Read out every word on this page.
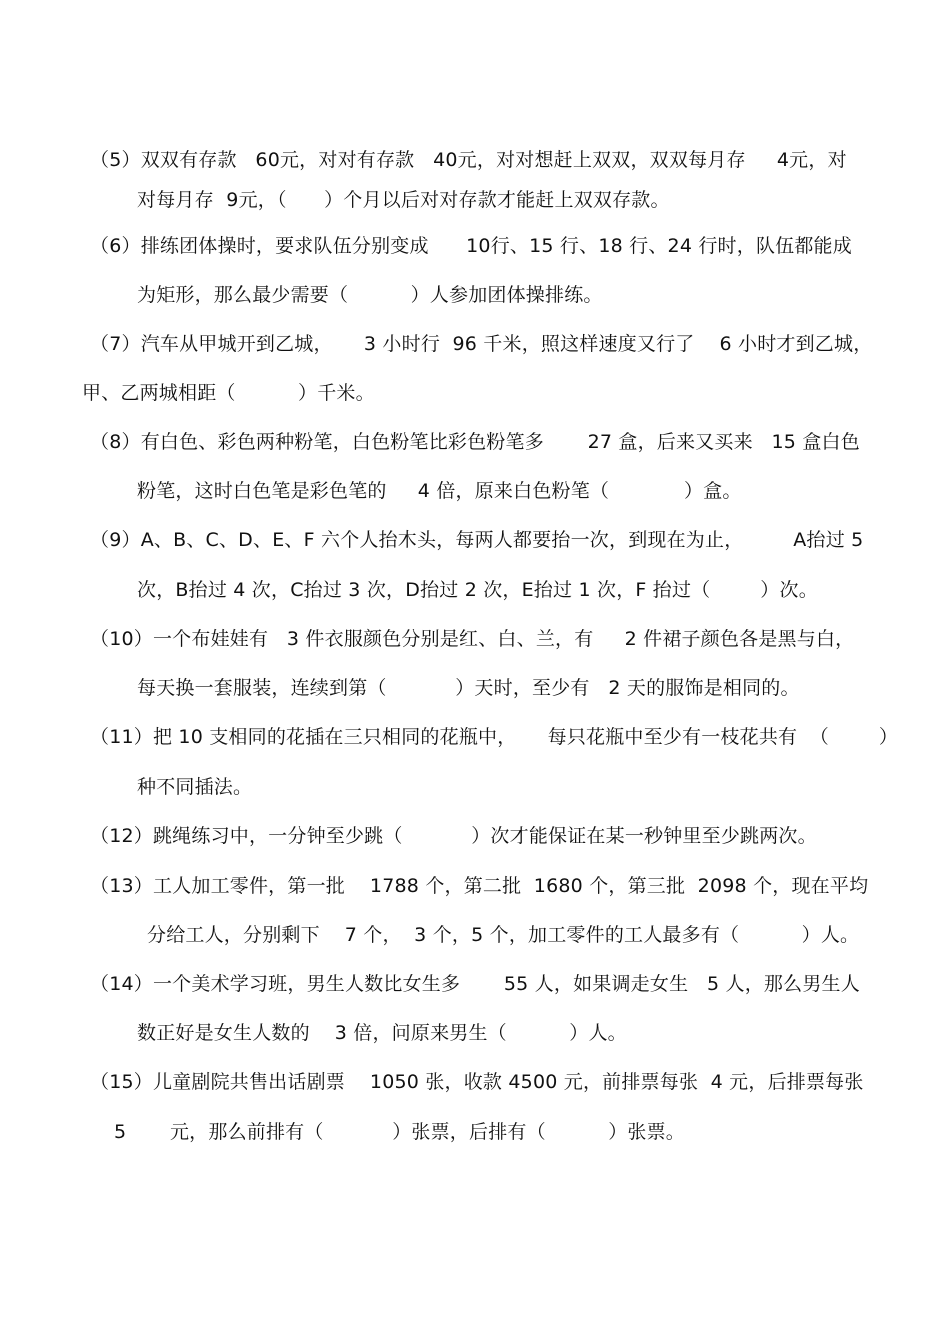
（5）双双有存款   60元，对对有存款   40元，对对想赶上双双，双双每月存     4元，对
对每月存  9元，（      ）个月以后对对存款才能赶上双双存款。
（6）排练团体操时，要求队伍分别变成      10行、15 行、18 行、24 行时，队伍都能成
为矩形，那么最少需要（          ）人参加团体操排练。
（7）汽车从甲城开到乙城，     3 小时行  96 千米，照这样速度又行了    6 小时才到乙城，
甲、乙两城相距（          ）千米。
（8）有白色、彩色两种粉笔，白色粉笔比彩色粉笔多       27 盒，后来又买来   15 盒白色
粉笔，这时白色笔是彩色笔的     4 倍，原来白色粉笔（            ）盒。
（9）A、B、C、D、E、F 六个人抬木头，每两人都要抬一次，到现在为止，        A抬过 5
次，B抬过 4 次，C抬过 3 次，D抬过 2 次，E抬过 1 次，F 抬过（        ）次。
（10）一个布娃娃有   3 件衣服颜色分别是红、白、兰，有     2 件裙子颜色各是黑与白，
每天换一套服装，连续到第（           ）天时，至少有   2 天的服饰是相同的。
（11）把 10 支相同的花插在三只相同的花瓶中，     每只花瓶中至少有一枝花共有  （        ）
种不同插法。
（12）跳绳练习中，一分钟至少跳（           ）次才能保证在某一秒钟里至少跳两次。
（13）工人加工零件，第一批    1788 个，第二批  1680 个，第三批  2098 个，现在平均
分给工人，分别剩下    7 个，  3 个，5 个，加工零件的工人最多有（          ）人。
（14）一个美术学习班，男生人数比女生多       55 人，如果调走女生   5 人，那么男生人
数正好是女生人数的    3 倍，问原来男生（          ）人。
（15）儿童剧院共售出话剧票    1050 张，收款 4500 元，前排票每张  4 元，后排票每张
5       元，那么前排有（           ）张票，后排有（          ）张票。
